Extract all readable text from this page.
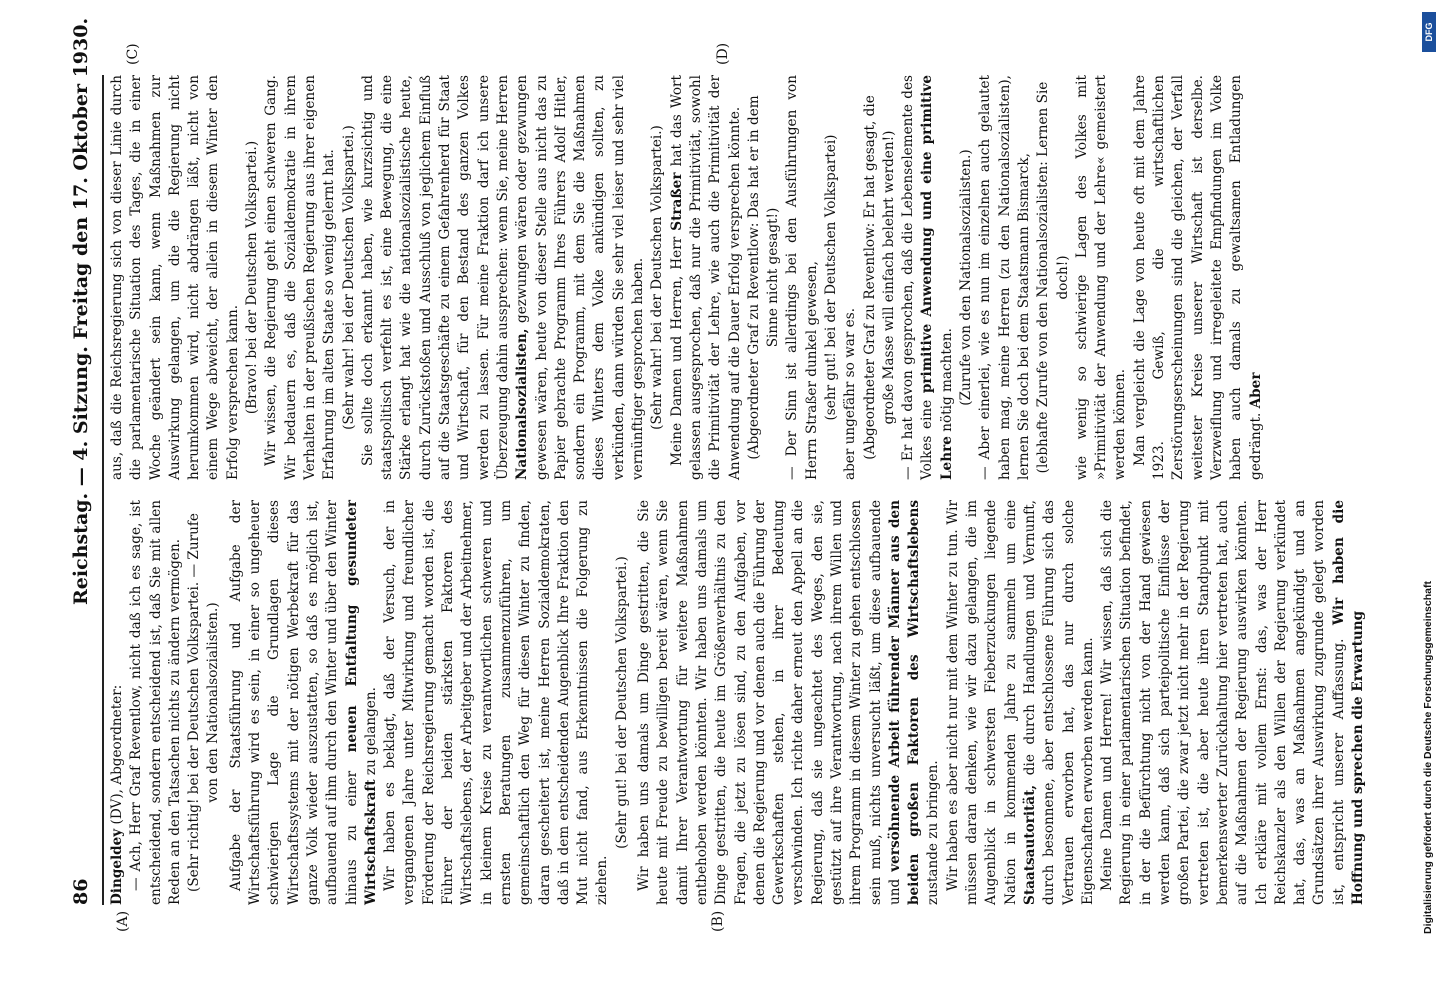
86
Reichstag. — 4. Sitzung. Freitag den 17. Oktober 1930.
(A)	(B)
(C)	(D)

Dingeldey (DV), Abgeordneter: — Ach, Herr Graf Reventlow, nicht daß ich es sage, ist entscheidend, sondern entscheidend ist, daß Sie mit allen Reden an den Tatsachen nichts zu ändern vermögen. (Sehr richtig! bei der Deutschen Volkspartei. — Zurufe von den Nationalsozialisten.) Aufgabe der Staatsführung und Aufgabe der Wirtschaftsführung wird es sein, in einer so ungeheuer schwierigen Lage die Grundlagen dieses Wirtschaftssystems mit der nötigen Werbekraft für das ganze Volk wieder auszustatten, so daß es möglich ist, aufbauend auf ihm durch den Winter und über den Winter hinaus zu einer neuen Entfaltung gesundeter Wirtschaftskraft zu gelangen. Wir haben es beklagt, daß der Versuch, der in vergangenen Jahre unter Mitwirkung und freundlicher Förderung der Reichsregierung gemacht worden ist, die Führer der beiden stärksten Faktoren des Wirtschaftslebens, der Arbeitgeber und der Arbeitnehmer, in kleinem Kreise zu verantwortlichen schweren und ernsten Beratungen zusammenzuführen, um gemeinschaftlich den Weg für diesen Winter zu finden, daran gescheitert ist, meine Herren Sozialdemokraten, daß in dem entscheidenden Augenblick Ihre Fraktion den Mut nicht fand, aus Erkenntnissen die Folgerung zu ziehen.

(Sehr gut! bei der Deutschen Volkspartei.) Wir haben uns damals um Dinge gestritten, die Sie heute mit Freude zu bewilligen bereit wären, wenn Sie damit Ihrer Verantwortung für weitere Maßnahmen entbehoben werden könnten. Wir haben uns damals um Dinge gestritten, die heute im Größenverhältnis zu den Fragen, die jetzt zu lösen sind, zu den Aufgaben, vor denen die Regierung und vor denen auch die Führung der Gewerkschaften stehen, in ihrer Bedeutung verschwinden. Ich richte daher erneut den Appell an die Regierung, daß sie ungeachtet des Weges, den sie, gestützt auf ihre Verantwortung, nach ihrem Willen und ihrem Programm in diesem Winter zu gehen entschlossen sein muß, nichts unversucht läßt, um diese aufbauende und versöhnende Arbeit führender Männer aus den beiden großen Faktoren des Wirtschaftslebens zustande zu bringen. Wir haben es aber nicht nur mit dem Winter zu tun. Wir müssen daran denken, wie wir dazu gelangen, die im Augenblick in schwersten Fieberzuckungen liegende Nation in kommenden Jahre zu sammeln um eine Staatsautorität, die durch Handlungen und Vernunft, durch besonnene, aber entschlossene Führung sich das Vertrauen erworben hat, das nur durch solche Eigenschaften erworben werden kann. Meine Damen und Herren! Wir wissen, daß sich die Regierung in einer parlamentarischen Situation befindet, in der die Befürchtung nicht von der Hand gewiesen werden kann, daß sich parteipolitische Einflüsse der großen Partei, die zwar jetzt nicht mehr in der Regierung vertreten ist, die aber heute ihren Standpunkt mit bemerkenswerter Zurückhaltung hier vertreten hat, auch auf die Maßnahmen der Regierung auswirken könnten. Ich erkläre mit vollem Ernst: das, was der Herr Reichskanzler als den Willen der Regierung verkündet hat, das, was an Maßnahmen angekündigt und an Grundsätzen ihrer Auswirkung zugrunde gelegt worden ist, entspricht unserer Auffassung. Wir haben die Hoffnung und sprechen die Erwartung

aus, daß die Reichsregierung sich von dieser Linie durch die parlamentarische Situation des Tages, die in einer Woche geändert sein kann, wenn Maßnahmen zur Auswirkung gelangen, um die die Regierung nicht herumkommen wird, nicht abdrängen läßt, nicht von einem Wege abweicht, der allein in diesem Winter den Erfolg versprechen kann. (Bravo! bei der Deutschen Volkspartei.) Wir wissen, die Regierung geht einen schweren Gang. Wir bedauern es, daß die Sozialdemokratie in ihrem Verhalten in der preußischen Regierung aus ihrer eigenen Erfahrung im alten Staate so wenig gelernt hat. (Sehr wahr! bei der Deutschen Volkspartei.) Sie sollte doch erkannt haben, wie kurzsichtig und staatspolitisch verfehlt es ist, eine Bewegung, die eine Stärke erlangt hat wie die nationalsozialistische heute, durch Zurückstoßen und Ausschluß von jeglichem Einfluß auf die Staatsgeschäfte zu einem Gefahrenherd für Staat und Wirtschaft, für den Bestand des ganzen Volkes werden zu lassen. Für meine Fraktion darf ich unsere Überzeugung dahin aussprechen: wenn Sie, meine Herren Nationalsozialisten, gezwungen wären oder gezwungen gewesen wären, heute von dieser Stelle aus nicht das zu Papier gebrachte Programm Ihres Führers Adolf Hitler, sondern ein Programm, mit dem Sie die Maßnahmen dieses Winters dem Volke ankündigen sollten, zu verkünden, dann würden Sie sehr viel leiser und sehr viel vernünftiger gesprochen haben. (Sehr wahr! bei der Deutschen Volkspartei.) Meine Damen und Herren, Herr Straßer hat das Wort gelassen ausgesprochen, daß nur die Primitivität, sowohl die Primitivität der Lehre, wie auch die Primitivität der Anwendung auf die Dauer Erfolg versprechen könnte. (Abgeordneter Graf zu Reventlow: Das hat er in dem Sinne nicht gesagt!) — Der Sinn ist allerdings bei den Ausführungen von Herrn Straßer dunkel gewesen, (sehr gut! bei der Deutschen Volkspartei) aber ungefähr so war es. (Abgeordneter Graf zu Reventlow: Er hat gesagt, die große Masse will einfach belehrt werden!) — Er hat davon gesprochen, daß die Lebenselemente des Volkes eine primitive Anwendung und eine primitive Lehre nötig machten. (Zurufe von den Nationalsozialisten.) — Aber einerlei, wie es nun im einzelnen auch gelautet haben mag, meine Herren (zu den Nationalsozialisten), lernen Sie doch bei dem Staatsmann Bismarck, (lebhafte Zurufe von den Nationalsozialisten: Lernen Sie doch!) wie wenig so schwierige Lagen des Volkes mit »Primitivität der Anwendung und der Lehre« gemeistert werden können. Man vergleicht die Lage von heute oft mit dem Jahre 1923. Gewiß, die wirtschaftlichen Zerstörungserscheinungen sind die gleichen, der Verfall weitester Kreise unserer Wirtschaft ist derselbe. Verzweiflung und irregeleitete Empfindungen im Volke haben auch damals zu gewaltsamen Entladungen gedrängt. Aber

DFG
Digitalisierung gefördert durch die Deutsche Forschungsgemeinschaft
